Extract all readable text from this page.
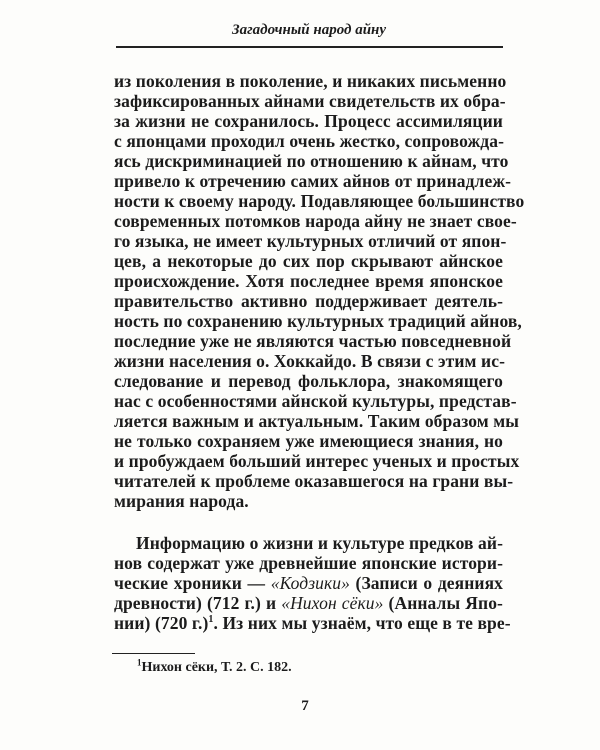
Загадочный народ айну
из поколения в поколение, и никаких письменно
зафиксированных айнами свидетельств их обра-
за жизни не сохранилось. Процесс ассимиляции
с японцами проходил очень жестко, сопровожда-
ясь дискриминацией по отношению к айнам, что
привело к отречению самих айнов от принадлеж-
ности к своему народу. Подавляющее большинство
современных потомков народа айну не знает свое-
го языка, не имеет культурных отличий от япон-
цев, а некоторые до сих пор скрывают айнское
происхождение. Хотя последнее время японское
правительство активно поддерживает деятель-
ность по сохранению культурных традиций айнов,
последние уже не являются частью повседневной
жизни населения о. Хоккайдо. В связи с этим ис-
следование и перевод фольклора, знакомящего
нас с особенностями айнской культуры, представ-
ляется важным и актуальным. Таким образом мы
не только сохраняем уже имеющиеся знания, но
и пробуждаем больший интерес ученых и простых
читателей к проблеме оказавшегося на грани вы-
мирания народа.
Информацию о жизни и культуре предков ай-
нов содержат уже древнейшие японские истори-
ческие хроники — «Кодзики» (Записи о деяниях
древности) (712 г.) и «Нихон сёки» (Анналы Япо-
нии) (720 г.)$^1$. Из них мы узнаём, что еще в те вре-
$^1$Нихон сёки, Т. 2. С. 182.
7
